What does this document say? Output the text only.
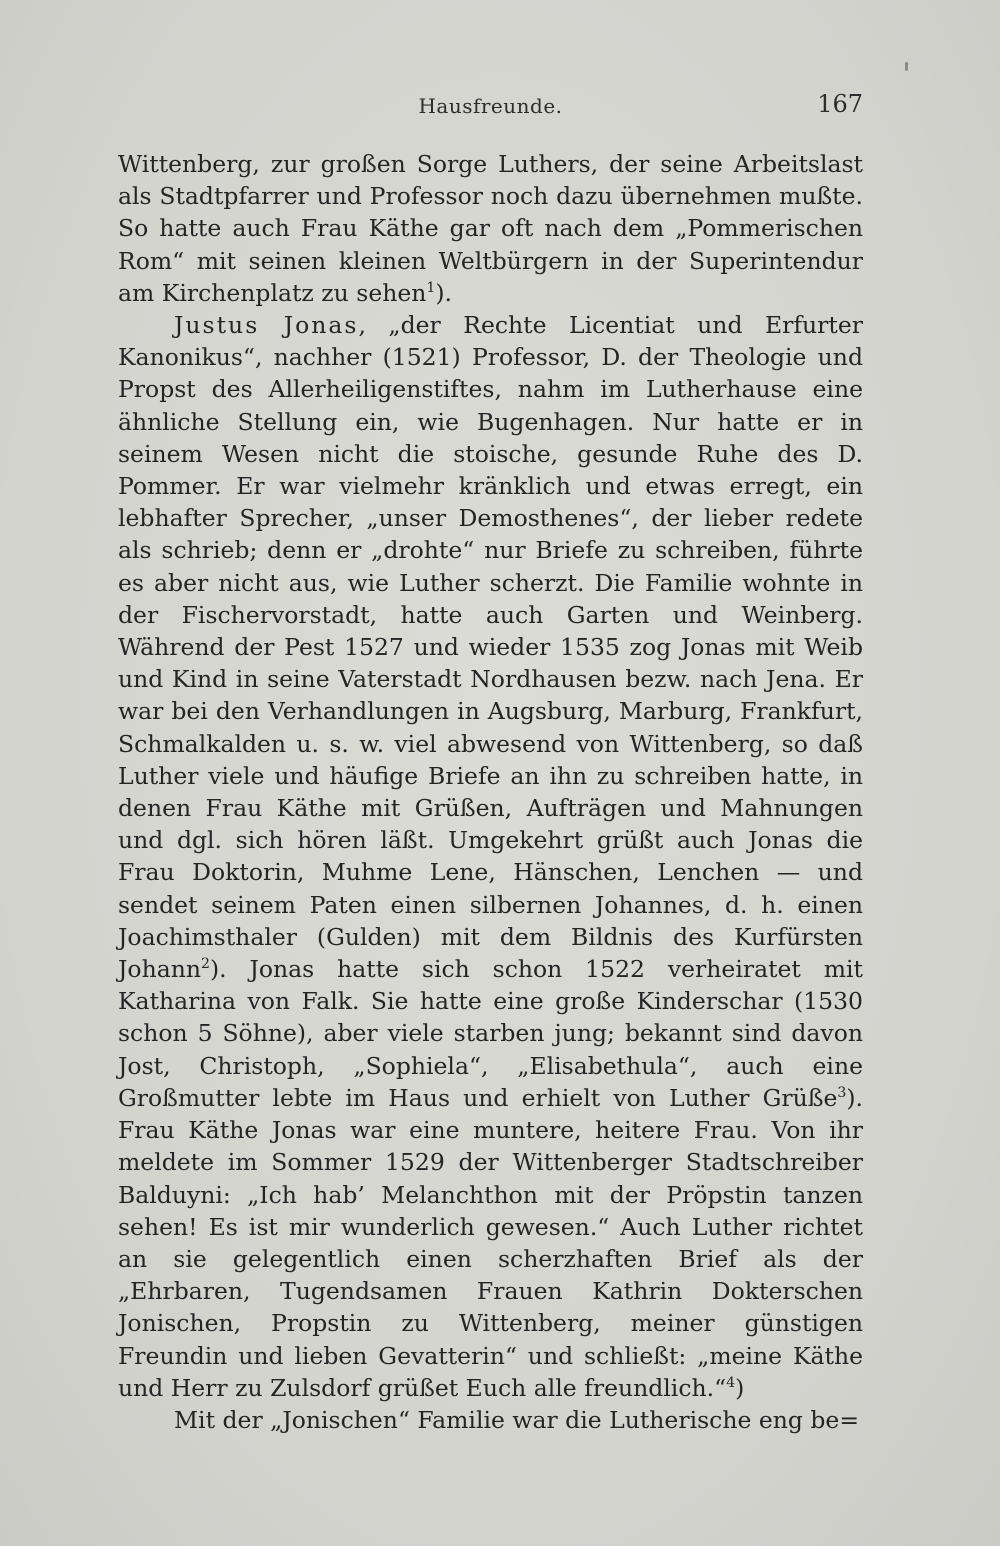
Hausfreunde.	167

Wittenberg, zur großen Sorge Luthers, der seine Arbeitslast als Stadtpfarrer und Professor noch dazu übernehmen mußte. So hatte auch Frau Käthe gar oft nach dem „Pommerischen Rom“ mit seinen kleinen Weltbürgern in der Superintendur am Kirchenplatz zu sehen$^1$).

Justus Jonas, „der Rechte Licentiat und Erfurter Kanonikus“, nachher (1521) Professor, D. der Theologie und Propst des Allerheiligenstiftes, nahm im Lutherhause eine ähnliche Stellung ein, wie Bugenhagen. Nur hatte er in seinem Wesen nicht die stoische, gesunde Ruhe des D. Pommer. Er war vielmehr kränklich und etwas erregt, ein lebhafter Sprecher, „unser Demosthenes“, der lieber redete als schrieb; denn er „drohte“ nur Briefe zu schreiben, führte es aber nicht aus, wie Luther scherzt. Die Familie wohnte in der Fischervorstadt, hatte auch Garten und Weinberg. Während der Pest 1527 und wieder 1535 zog Jonas mit Weib und Kind in seine Vaterstadt Nordhausen bezw. nach Jena. Er war bei den Verhandlungen in Augsburg, Marburg, Frankfurt, Schmalkalden u. s. w. viel abwesend von Wittenberg, so daß Luther viele und häufige Briefe an ihn zu schreiben hatte, in denen Frau Käthe mit Grüßen, Aufträgen und Mahnungen und dgl. sich hören läßt. Umgekehrt grüßt auch Jonas die Frau Doktorin, Muhme Lene, Hänschen, Lenchen — und sendet seinem Paten einen silbernen Johannes, d. h. einen Joachimsthaler (Gulden) mit dem Bildnis des Kurfürsten Johann$^2$). Jonas hatte sich schon 1522 verheiratet mit Katharina von Falk. Sie hatte eine große Kinderschar (1530 schon 5 Söhne), aber viele starben jung; bekannt sind davon Jost, Christoph, „Sophiela“, „Elisabethula“, auch eine Großmutter lebte im Haus und erhielt von Luther Grüße$^3$). Frau Käthe Jonas war eine muntere, heitere Frau. Von ihr meldete im Sommer 1529 der Wittenberger Stadtschreiber Balduyni: „Ich hab’ Melanchthon mit der Pröpstin tanzen sehen! Es ist mir wunderlich gewesen.“ Auch Luther richtet an sie gelegentlich einen scherzhaften Brief als der „Ehrbaren, Tugendsamen Frauen Kathrin Dokterschen Jonischen, Propstin zu Wittenberg, meiner günstigen Freundin und lieben Gevatterin“ und schließt: „meine Käthe und Herr zu Zulsdorf grüßet Euch alle freundlich.“$^4$)

Mit der „Jonischen“ Familie war die Lutherische eng be=
